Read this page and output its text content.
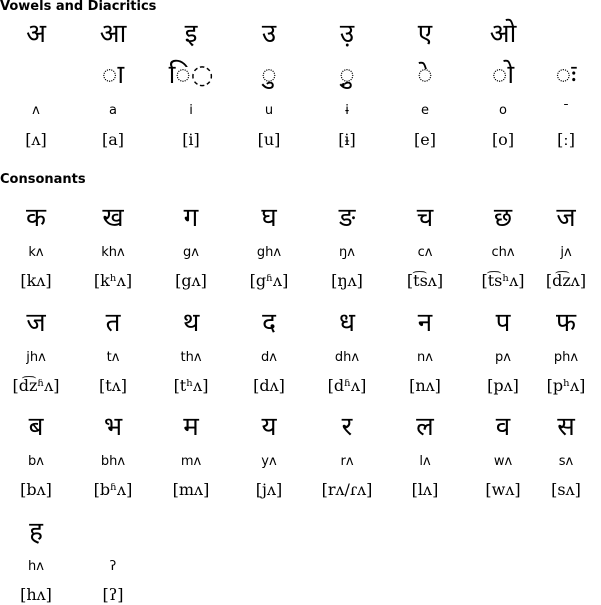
Vowels and Diacritics
Consonants
अ
ʌ
[ʌ]
आ
◌ा
a
[a]
इ
ि◌
i
[i]
उ
◌ु
u
[u]
उ़
◌ु़
ɨ
[ɨ]
ए
◌े
e
[e]
ओ
◌ो
o
[o]
◌ः
¯
[ː]
क
kʌ
[kʌ]
ख
khʌ
[kʰʌ]
ग
gʌ
[gʌ]
घ
ghʌ
[gʱʌ]
ङ
ŋʌ
[ŋʌ]
च
cʌ
[t͡sʌ]
छ
chʌ
[t͡sʰʌ]
ज
jʌ
[d͡zʌ]
ज
jhʌ
[d͡zʱʌ]
त
tʌ
[tʌ]
थ
thʌ
[tʰʌ]
द
dʌ
[dʌ]
ध
dhʌ
[dʱʌ]
न
nʌ
[nʌ]
प
pʌ
[pʌ]
फ
phʌ
[pʰʌ]
ब
bʌ
[bʌ]
भ
bhʌ
[bʱʌ]
म
mʌ
[mʌ]
य
yʌ
[jʌ]
र
rʌ
[rʌ/ɾʌ]
ल
lʌ
[lʌ]
व
wʌ
[wʌ]
स
sʌ
[sʌ]
ह
hʌ
[hʌ]
ʔ
[ʔ]
